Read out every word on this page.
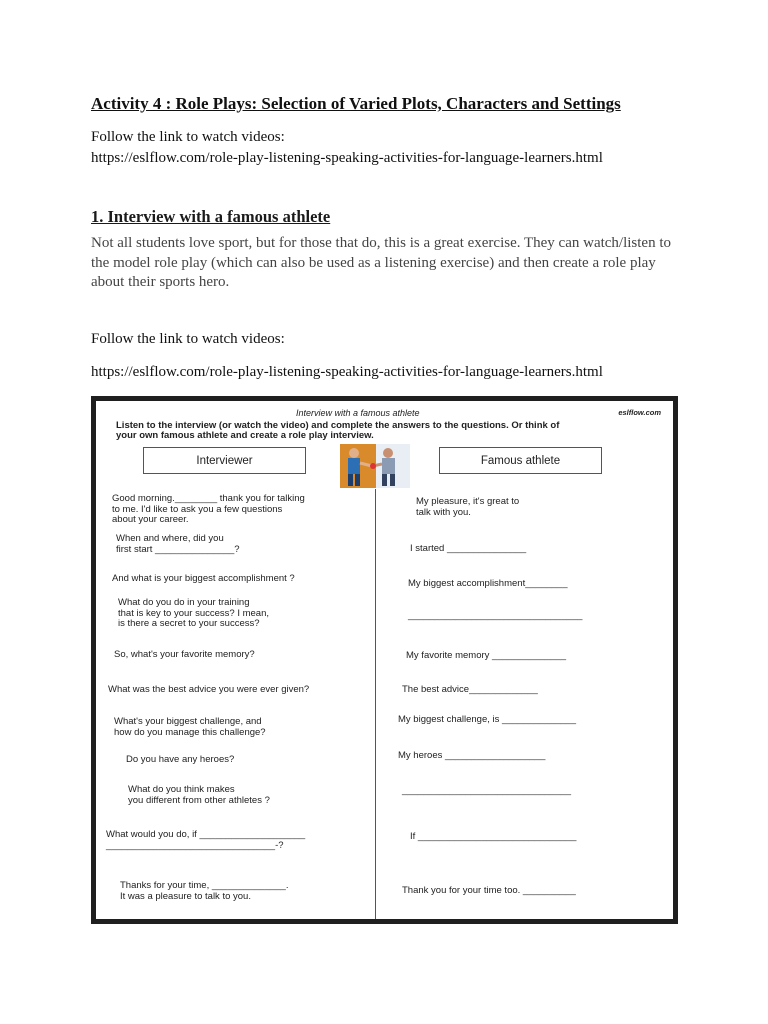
Activity 4 : Role Plays: Selection of Varied Plots, Characters and Settings
Follow the link to watch videos:
https://eslflow.com/role-play-listening-speaking-activities-for-language-learners.html
1. Interview with a famous athlete
Not all students love sport, but for those that do, this is a great exercise. They can watch/listen to the model role play (which can also be used as a listening exercise) and then create a role play about their sports hero.
Follow the link to watch videos:
https://eslflow.com/role-play-listening-speaking-activities-for-language-learners.html
Interview with a famous athlete	eslflow.com
Listen to the interview (or watch the video) and complete the answers to the questions. Or think of
your own famous athlete and create a role play interview.
Interviewer	Famous athlete
Good morning.________ thank you for talking
to me. I'd like to ask you a few questions
about your career.
When and where, did you
first start _______________?
And what is your biggest accomplishment ?
What do you do in your training
that is key to your success? I mean,
is there a secret to your success?
So, what's your favorite memory?
What was the best advice you were ever given?
What's your biggest challenge, and
how do you manage this challenge?
Do you have any heroes?
What do you think makes
you different from other athletes ?
What would you do, if ____________________
________________________________-?
Thanks for your time, ______________.
It was a pleasure to talk to you.
My pleasure, it's great to
talk with you.
I started _______________
My biggest accomplishment________
_________________________________
My favorite memory ______________
The best advice_____________
My biggest challenge, is ______________
My heroes ___________________
________________________________
If ______________________________
Thank you for your time too. __________
